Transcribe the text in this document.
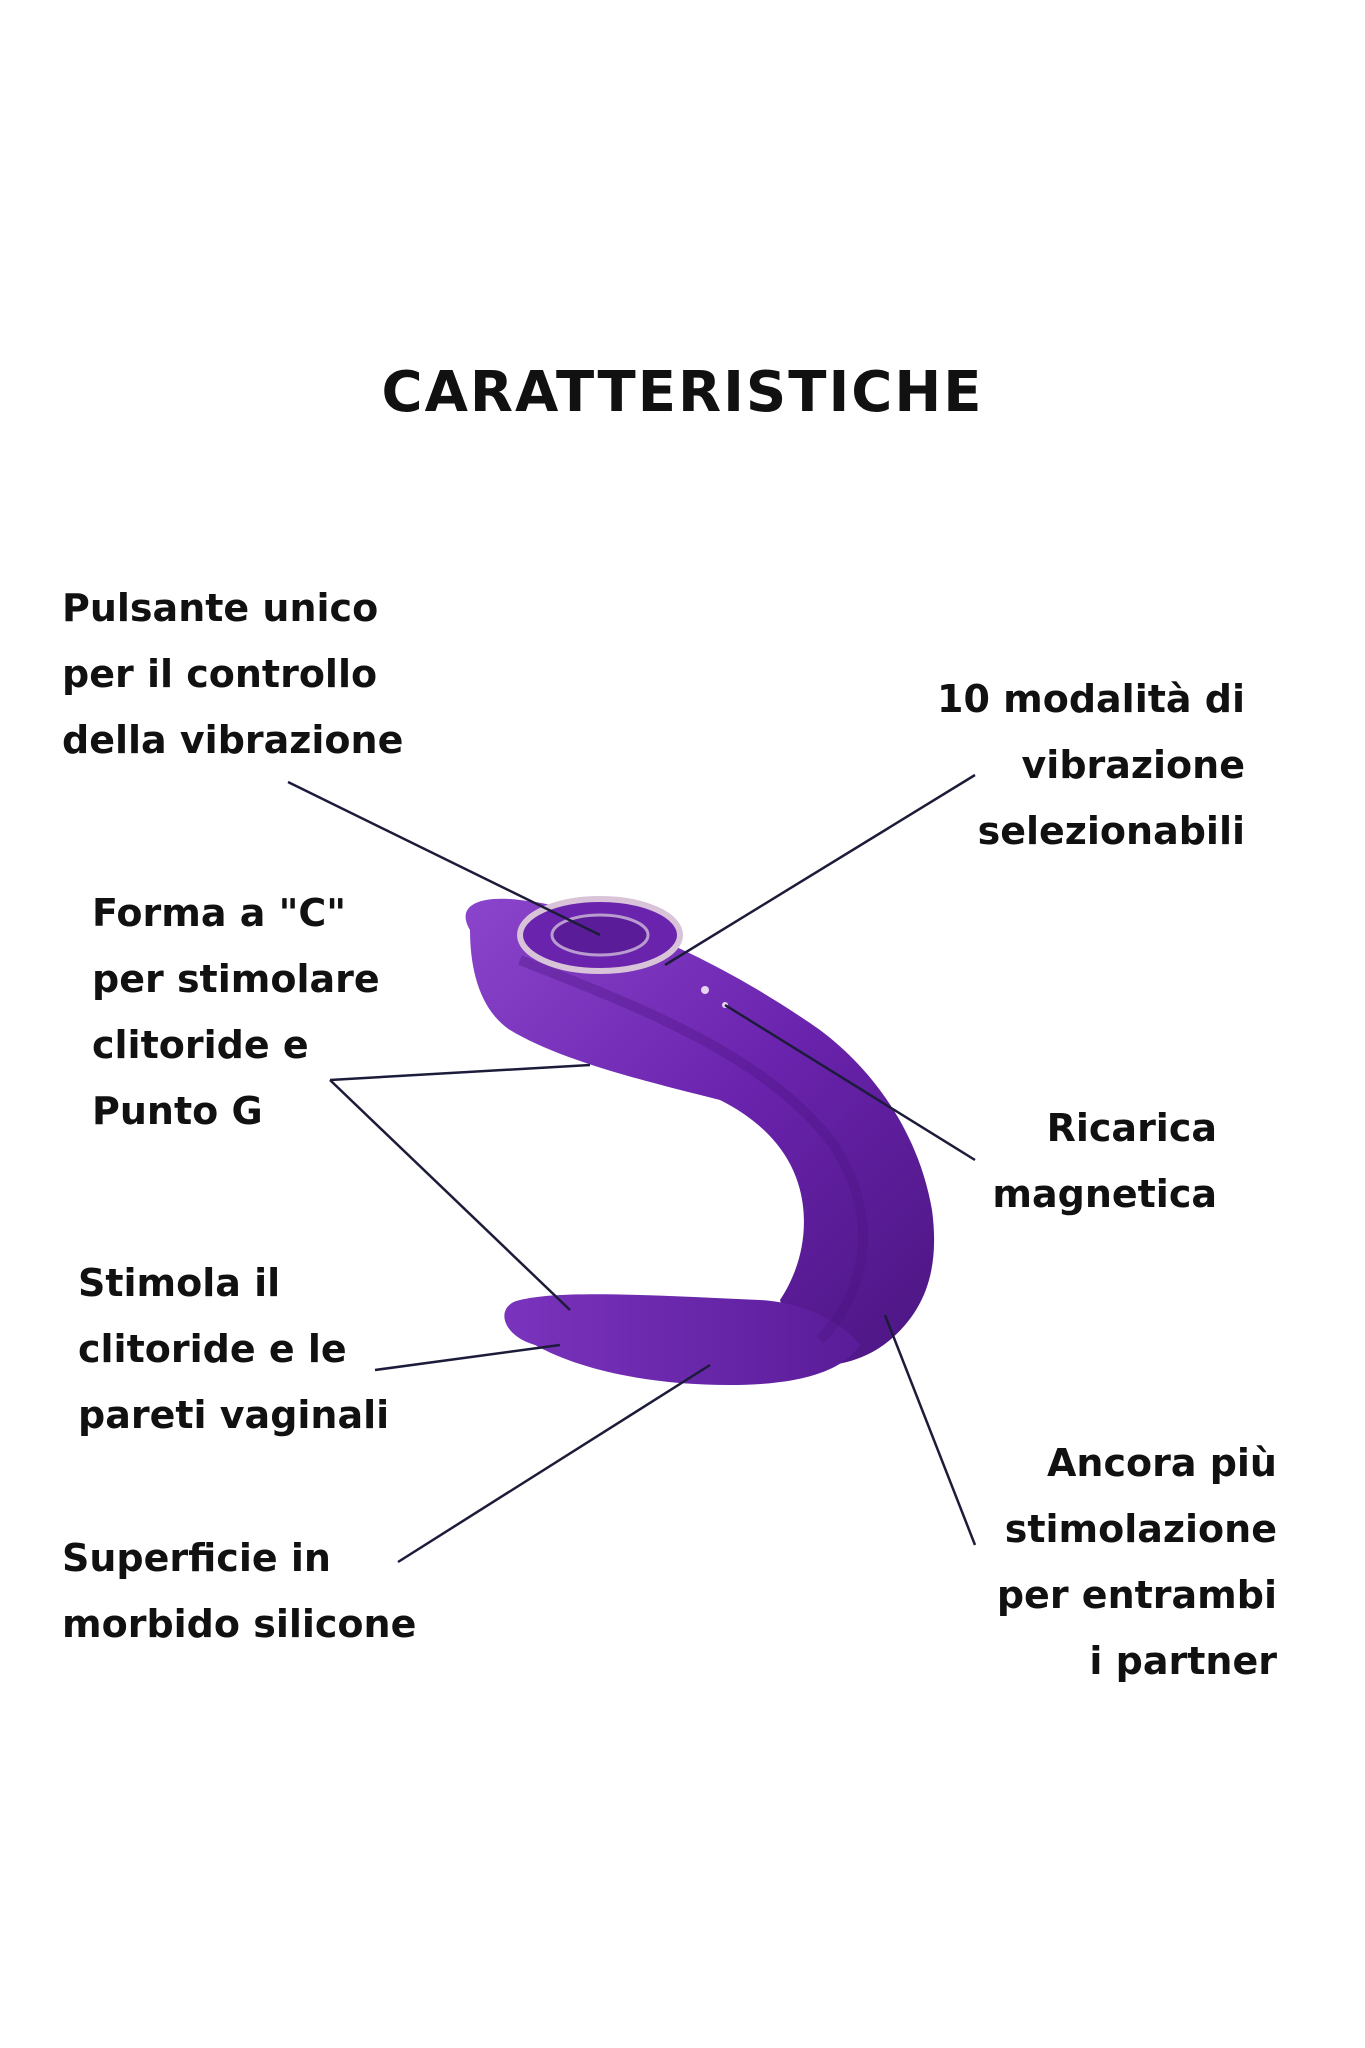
CARATTERISTICHE
Pulsante unico
per il controllo
della vibrazione
10 modalità di
vibrazione
selezionabili
Forma a "C"
per stimolare
clitoride e
Punto G	Ricarica
magnetica
Stimola il
clitoride e le
pareti vaginali
Superficie in
morbido silicone
Ancora più
stimolazione
per entrambi
i partner
